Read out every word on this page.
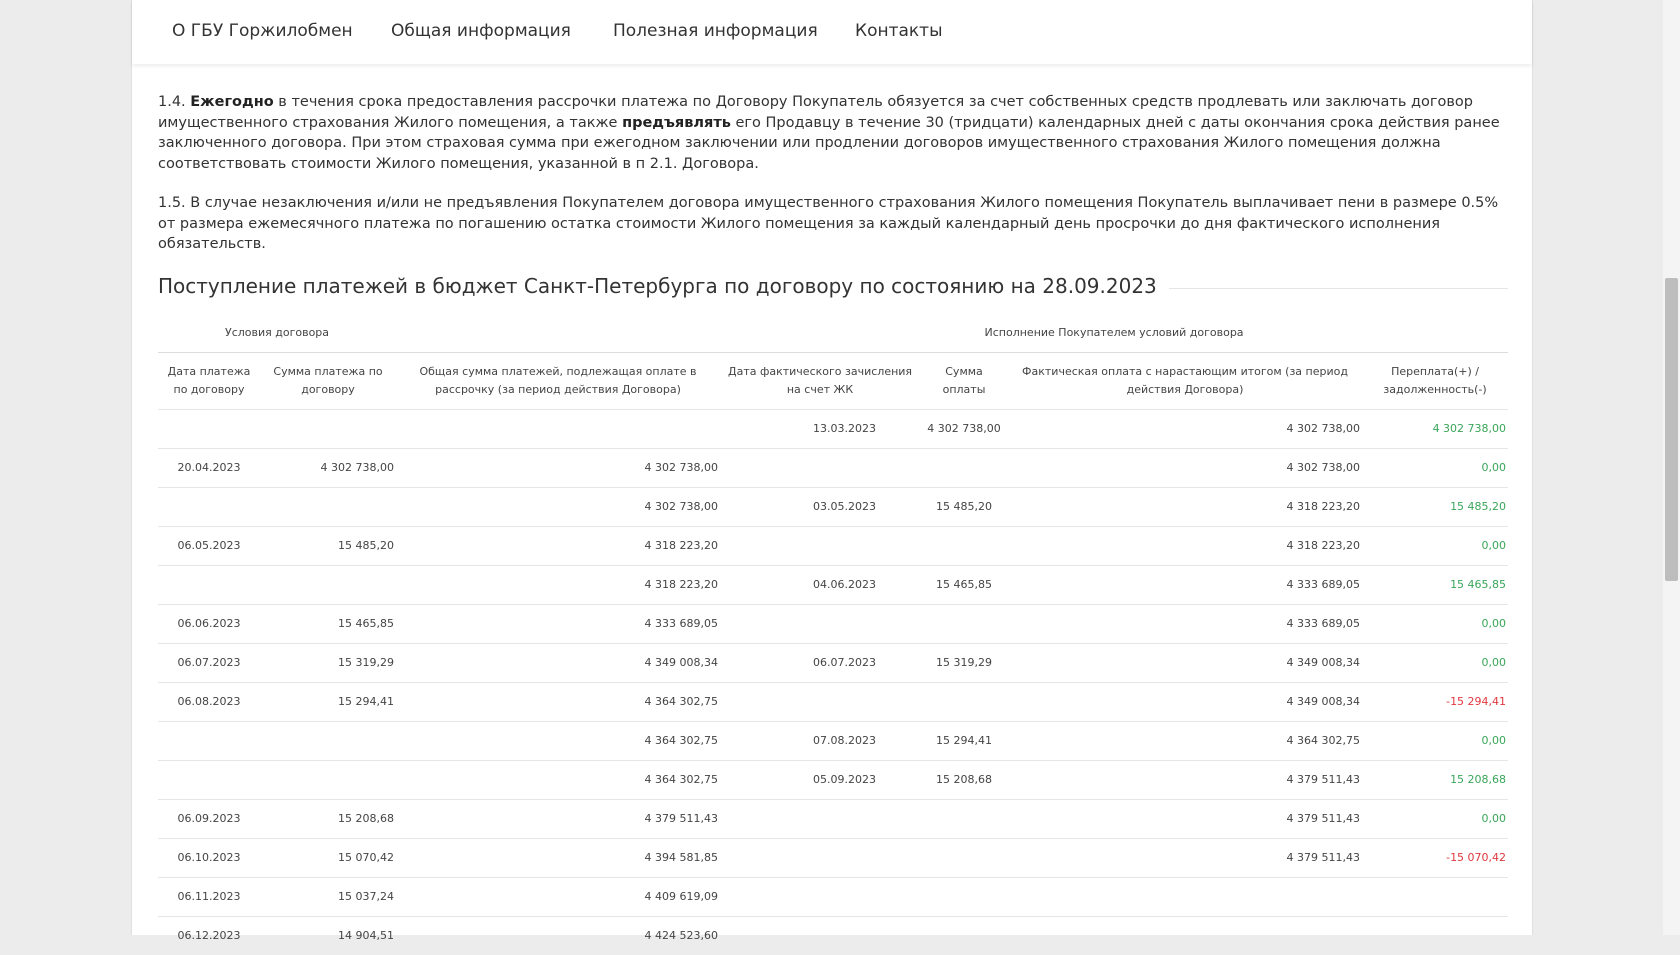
О ГБУ Горжилобмен Общая информация Полезная информация Контакты

1.4. Ежегодно в течения срока предоставления рассрочки платежа по Договору Покупатель обязуется за счет собственных средств продлевать или заключать договор имущественного страхования Жилого помещения, а также предъявлять его Продавцу в течение 30 (тридцати) календарных дней с даты окончания срока действия ранее заключенного договора. При этом страховая сумма при ежегодном заключении или продлении договоров имущественного страхования Жилого помещения должна соответствовать стоимости Жилого помещения, указанной в п 2.1. Договора.

1.5. В случае незаключения и/или не предъявления Покупателем договора имущественного страхования Жилого помещения Покупатель выплачивает пени в размере 0.5% от размера ежемесячного платежа по погашению остатка стоимости Жилого помещения за каждый календарный день просрочки до дня фактического исполнения обязательств.

Поступление платежей в бюджет Санкт-Петербурга по договору по состоянию на 28.09.2023
Условия договора			Исполнение Покупателем условий договора			
Дата платежа по договору	Сумма платежа по договору	Общая сумма платежей, подлежащая оплате в рассрочку (за период действия Договора)	Дата фактического зачисления на счет ЖК	Сумма оплаты	Фактическая оплата с нарастающим итогом (за период действия Договора)	Переплата(+) / задолженность(-)
			13.03.2023	4 302 738,00	4 302 738,00	4 302 738,00
20.04.2023	4 302 738,00	4 302 738,00			4 302 738,00	0,00
		4 302 738,00	03.05.2023	15 485,20	4 318 223,20	15 485,20
06.05.2023	15 485,20	4 318 223,20			4 318 223,20	0,00
		4 318 223,20	04.06.2023	15 465,85	4 333 689,05	15 465,85
06.06.2023	15 465,85	4 333 689,05			4 333 689,05	0,00
06.07.2023	15 319,29	4 349 008,34	06.07.2023	15 319,29	4 349 008,34	0,00
06.08.2023	15 294,41	4 364 302,75			4 349 008,34	-15 294,41
		4 364 302,75	07.08.2023	15 294,41	4 364 302,75	0,00
		4 364 302,75	05.09.2023	15 208,68	4 379 511,43	15 208,68
06.09.2023	15 208,68	4 379 511,43			4 379 511,43	0,00
06.10.2023	15 070,42	4 394 581,85			4 379 511,43	-15 070,42
06.11.2023	15 037,24	4 409 619,09				
06.12.2023	14 904,51	4 424 523,60				
